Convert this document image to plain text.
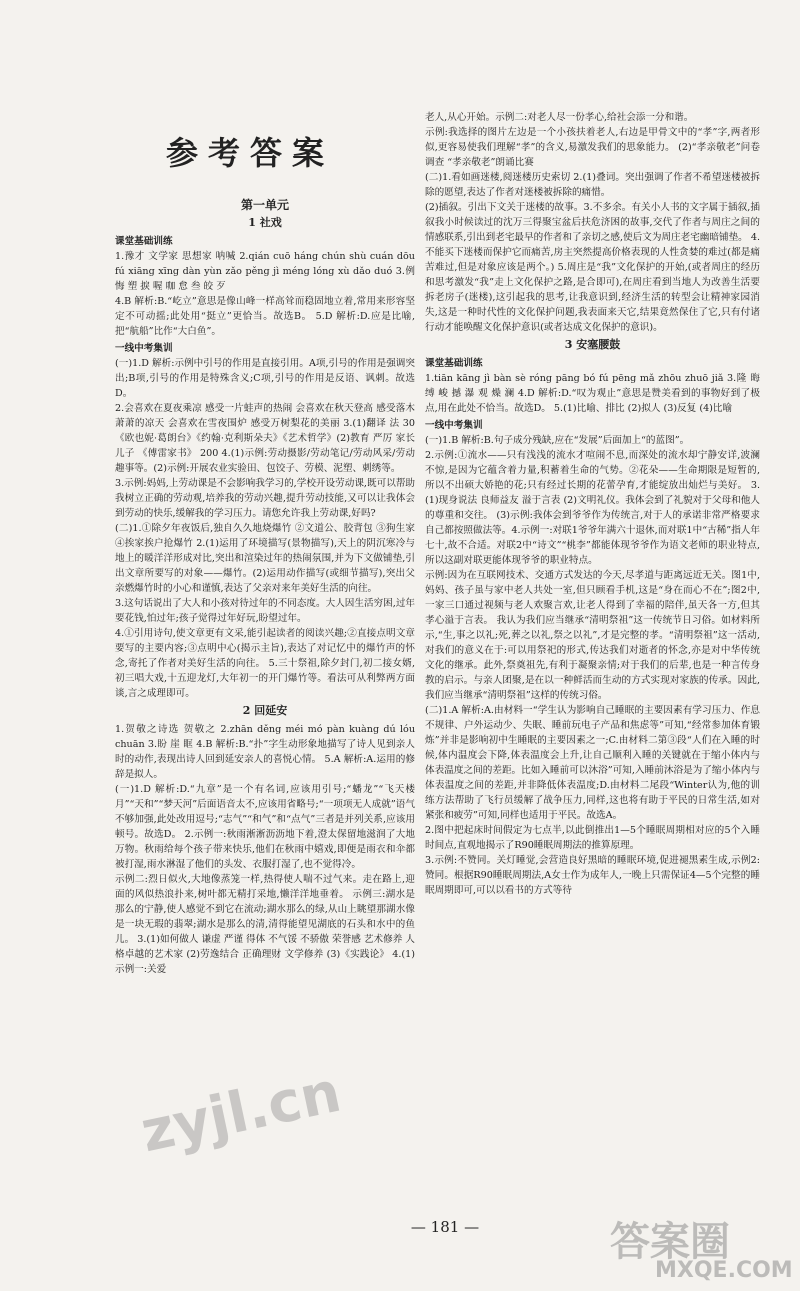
参考答案
第一单元
1 社戏
课堂基础训练

1.豫才 文学家 思想家 呐喊 2.qián cuō háng chún shù cuán dōu fú xiāng xīng dàn yùn zǎo pěng jì méng lóng xù dǎo duó 3.例 悔 塑 捩 喔 咖 怠 叁 皎 歹

4.B 解析:B.“屹立”意思是像山峰一样高耸而稳固地立着,常用来形容坚定不可动摇;此处用“挺立”更恰当。故选B。 5.D 解析:D.应是比喻,把“航船”比作“大白鱼”。

一线中考集训

(一)1.D 解析:示例中引号的作用是直接引用。A项,引号的作用是强调突出;B项,引号的作用是特殊含义;C项,引号的作用是反语、讽刺。故选D。

2.会喜欢在夏夜乘凉 感受一片蛙声的热闹 会喜欢在秋天登高 感受落木萧萧的凉天 会喜欢在雪夜围炉 感受万树梨花的美丽 3.(1)翻译 法 30 《欧也妮·葛朗台》《约翰·克利斯朵夫》《艺术哲学》(2)教育 严厉 家长 儿子 《傅雷家书》 200 4.(1)示例:劳动摄影/劳动笔记/劳动风采/劳动趣事等。(2)示例:开展农业实验田、包饺子、劳模、泥塑、刺绣等。

3.示例:妈妈,上劳动课是不会影响我学习的,学校开设劳动课,既可以帮助我树立正确的劳动观,培养我的劳动兴趣,提升劳动技能,又可以让我体会到劳动的快乐,缓解我的学习压力。请您允许我上劳动课,好吗?

(二)1.①除夕年夜饭后,独自久久地烧爆竹 ②文道公、胶背包 ③狗生家 ④挨家挨户抢爆竹 2.(1)运用了环境描写(景物描写),天上的阴沉寒冷与地上的暖洋洋形成对比,突出和渲染过年的热闹氛围,并为下文做铺垫,引出文章所要写的对象——爆竹。(2)运用动作描写(或细节描写),突出父亲燃爆竹时的小心和谨慎,表达了父亲对来年美好生活的向往。

3.这句话说出了大人和小孩对待过年的不同态度。大人因生活穷困,过年要花钱,怕过年;孩子觉得过年好玩,盼望过年。

4.①引用诗句,使文章更有文采,能引起读者的阅读兴趣;②直接点明文章要写的主要内容;③点明中心(揭示主旨),表达了对记忆中的爆竹声的怀念,寄托了作者对美好生活的向往。 5.三十祭祖,除夕封门,初二接女婿,初三唱大戏,十五迎龙灯,大年初一的开门爆竹等。看法可从利弊两方面谈,言之成理即可。

2 回延安

1.贺敬之诗选 贺敬之 2.zhān děng méi mó pàn kuàng dú lóu chuān 3.盼 崖 眶 4.B 解析:B.“扑”字生动形象地描写了诗人见到亲人时的动作,表现出诗人回到延安亲人的喜悦心情。 5.A 解析:A.运用的修辞是拟人。

(一)1.D 解析:D.“九章”是一个有名词,应该用引号;“蟠龙”“飞天楼月”“天和”“梦天河”后面语音太不,应该用省略号;“一项项无人成就”语气不够加强,此处改用逗号;“志气”“和气”和“点气”三者是并列关系,应该用顿号。故选D。 2.示例一:秋雨淅淅沥沥地下着,澄太保留地滋润了大地万物。秋雨给每个孩子带来快乐,他们在秋雨中嬉戏,即便是雨衣和伞都被打湿,雨水淋湿了他们的头发、衣服打湿了,也不觉得冷。

示例二:烈日似火,大地像蒸笼一样,热得使人喘不过气来。走在路上,迎面的风似热浪扑来,树叶都无精打采地,懒洋洋地垂着。 示例三:湖水是那么的宁静,使人感觉不到它在流动;湖水那么的绿,从山上眺望那湖水像是一块无瑕的翡翠;湖水是那么的清,清得能望见湖底的石头和水中的鱼儿。 3.(1)如何做人 谦虚 严谨 得体 不气馁 不骄傲 荣誉感 艺术修养 人格卓越的艺术家 (2)劳逸结合 正确理财 文学修养 (3)《实践论》 4.(1)示例一:关爱

老人,从心开始。示例二:对老人尽一份孝心,给社会添一分和谐。

示例:我选择的图片左边是一个小孩扶着老人,右边是甲骨文中的“孝”字,两者形似,更容易使我们理解“孝”的含义,易激发我们的思象能力。 (2)“孝亲敬老”问卷调查 “孝亲敬老”朗诵比赛

(二)1.看如画迷楼,阅迷楼历史索切 2.(1)叠词。突出强调了作者不希望迷楼被拆除的愿望,表达了作者对迷楼被拆除的痛惜。

(2)插叙。引出下文关于迷楼的故事。3.不多余。有关小人书的文字属于插叙,插叙我小时候读过的沈万三得聚宝盆后扶危济困的故事,交代了作者与周庄之间的情感联系,引出到老宅最早的作者和了亲切之感,使后文为周庄老宅幽暗铺垫。 4.不能买下迷楼而保护它而痛苦,房主突然提高价格表现的人性贪婪的难过(都是痛苦难过,但是对象应该是两个。) 5.周庄是“我”文化保护的开始,(或者周庄的经历和思考激发“我”走上文化保护之路,是合即可),在周庄看到当地人为改善生活要拆老房子(迷楼),这引起我的思考,让我意识到,经济生活的转型会让精神家园消失,这是一种时代性的文化保护问题,我表面来天它,结果竟然保住了它,只有付诸行动才能唤醒文化保护意识(或者达成文化保护的意识)。

3 安塞腰鼓
课堂基础训练

1.tiān kāng jì bàn sè róng pāng bó fú pēng mǎ zhōu zhuō jiǎ 3.隆 晦 缚 峻 撼 瀑 观 燥 澜 4.D 解析:D.“叹为观止”意思是赞美看到的事物好到了极点,用在此处不恰当。故选D。 5.(1)比喻、排比 (2)拟人 (3)反复 (4)比喻

一线中考集训

(一)1.B 解析:B.句子成分残缺,应在“发展”后面加上“的蓝图”。

2.示例:①流水——只有浅浅的流水才喧闹不息,而深处的流水却宁静安详,波澜不惊,是因为它蕴含着力量,积蓄着生命的气势。②花朵——生命期限是短暂的,所以不出硕大娇艳的花;只有经过长期的花蕾孕育,才能绽放出灿烂与美好。 3.(1)现身说法 良师益友 溢于言表 (2)文明礼仪。我体会到了礼貌对于父母和他人的尊重和交往。 (3)示例:我体会到爷爷作为传统言,对于人的承诺非常严格要求自己都按照做法等。4.示例一:对联1爷爷年满六十退休,而对联1中“古稀”指人年七十,故不合适。对联2中“诗文”“桃李”都能体现爷爷作为语文老师的职业特点,所以这副对联更能体现爷爷的职业特点。

示例:因为在互联网技术、交通方式发达的今天,尽孝道与距离远近无关。图1中,妈妈、孩子虽与家中老人共处一室,但只顾看手机,这是“身在而心不在”;图2中,一家三口通过视频与老人欢聚言欢,让老人得到了幸福的陪伴,虽天各一方,但其孝心溢于言表。 我认为我们应当继承“清明祭祖”这一传统节日习俗。如材料所示,“生,事之以礼;死,葬之以礼,祭之以礼”,才是完整的孝。“清明祭祖”这一活动,对我们的意义在于:可以用祭祀的形式,传达我们对逝者的怀念,亦是对中华传统文化的继承。此外,祭奠祖先,有利于凝聚亲情;对于我们的后辈,也是一种言传身教的启示。与亲人团聚,是在以一种鲜活而生动的方式实现对家族的传承。因此,我们应当继承“清明祭祖”这样的传统习俗。

(二)1.A 解析:A.由材料一“学生认为影响自己睡眠的主要因素有学习压力、作息不规律、户外运动少、失眠、睡前玩电子产品和焦虑等”可知,“经常参加体育锻炼”并非是影响初中生睡眠的主要因素之一;C.由材料二第③段“人们在入睡的时候,体内温度会下降,体表温度会上升,让自己顺利入睡的关键就在于缩小体内与体表温度之间的差距。比如入睡前可以沐浴”可知,入睡前沐浴是为了缩小体内与体表温度之间的差距,并非降低体表温度;D.由材料二尾段“Winter认为,他的训练方法帮助了飞行员缓解了战争压力,同样,这也将有助于平民的日常生活,如对紧张和疲劳”可知,同样也适用于平民。故选A。

2.图中把起床时间假定为七点半,以此倒推出1—5个睡眠周期相对应的5个入睡时间点,直观地揭示了R90睡眠周期法的推算原理。

3.示例:不赞同。关灯睡觉,会营造良好黑暗的睡眠环境,促进褪黑素生成,示例2:赞同。根据R90睡眠周期法,A女士作为成年人,一晚上只需保证4—5个完整的睡眠周期即可,可以以看书的方式等待

— 181 —
zyjl.cn
答案圈
MXQE.COM
